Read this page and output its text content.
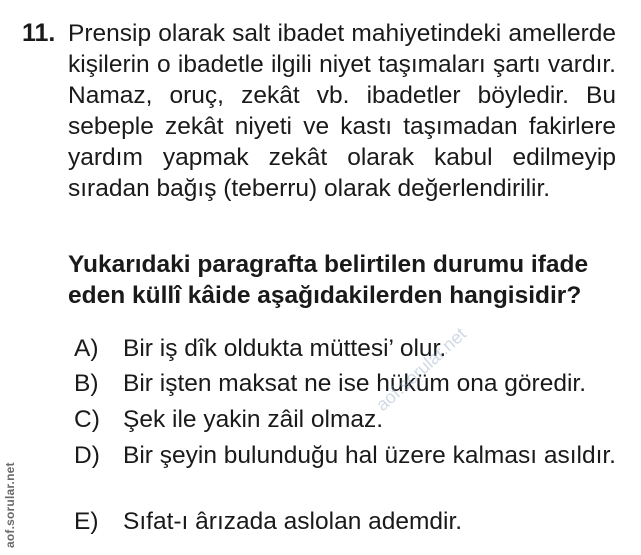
11. Prensip olarak salt ibadet mahiyetindeki amellerde kişilerin o ibadetle ilgili niyet taşımaları şartı vardır. Namaz, oruç, zekât vb. ibadetler böyledir. Bu sebeple zekât niyeti ve kastı taşımadan fakirlere yardım yapmak zekât olarak kabul edilmeyip sıradan bağış (teberru) olarak değerlendirilir.

Yukarıdaki paragrafta belirtilen durumu ifade eden küllî kâide aşağıdakilerden hangisidir?

A) Bir iş dîk oldukta müttesi’ olur.
B) Bir işten maksat ne ise hüküm ona göredir.
C) Şek ile yakin zâil olmaz.
D) Bir şeyin bulunduğu hal üzere kalması asıldır.
E) Sıfat-ı ârızada aslolan ademdir.
aof.sorular.net
aof.sorular.net
